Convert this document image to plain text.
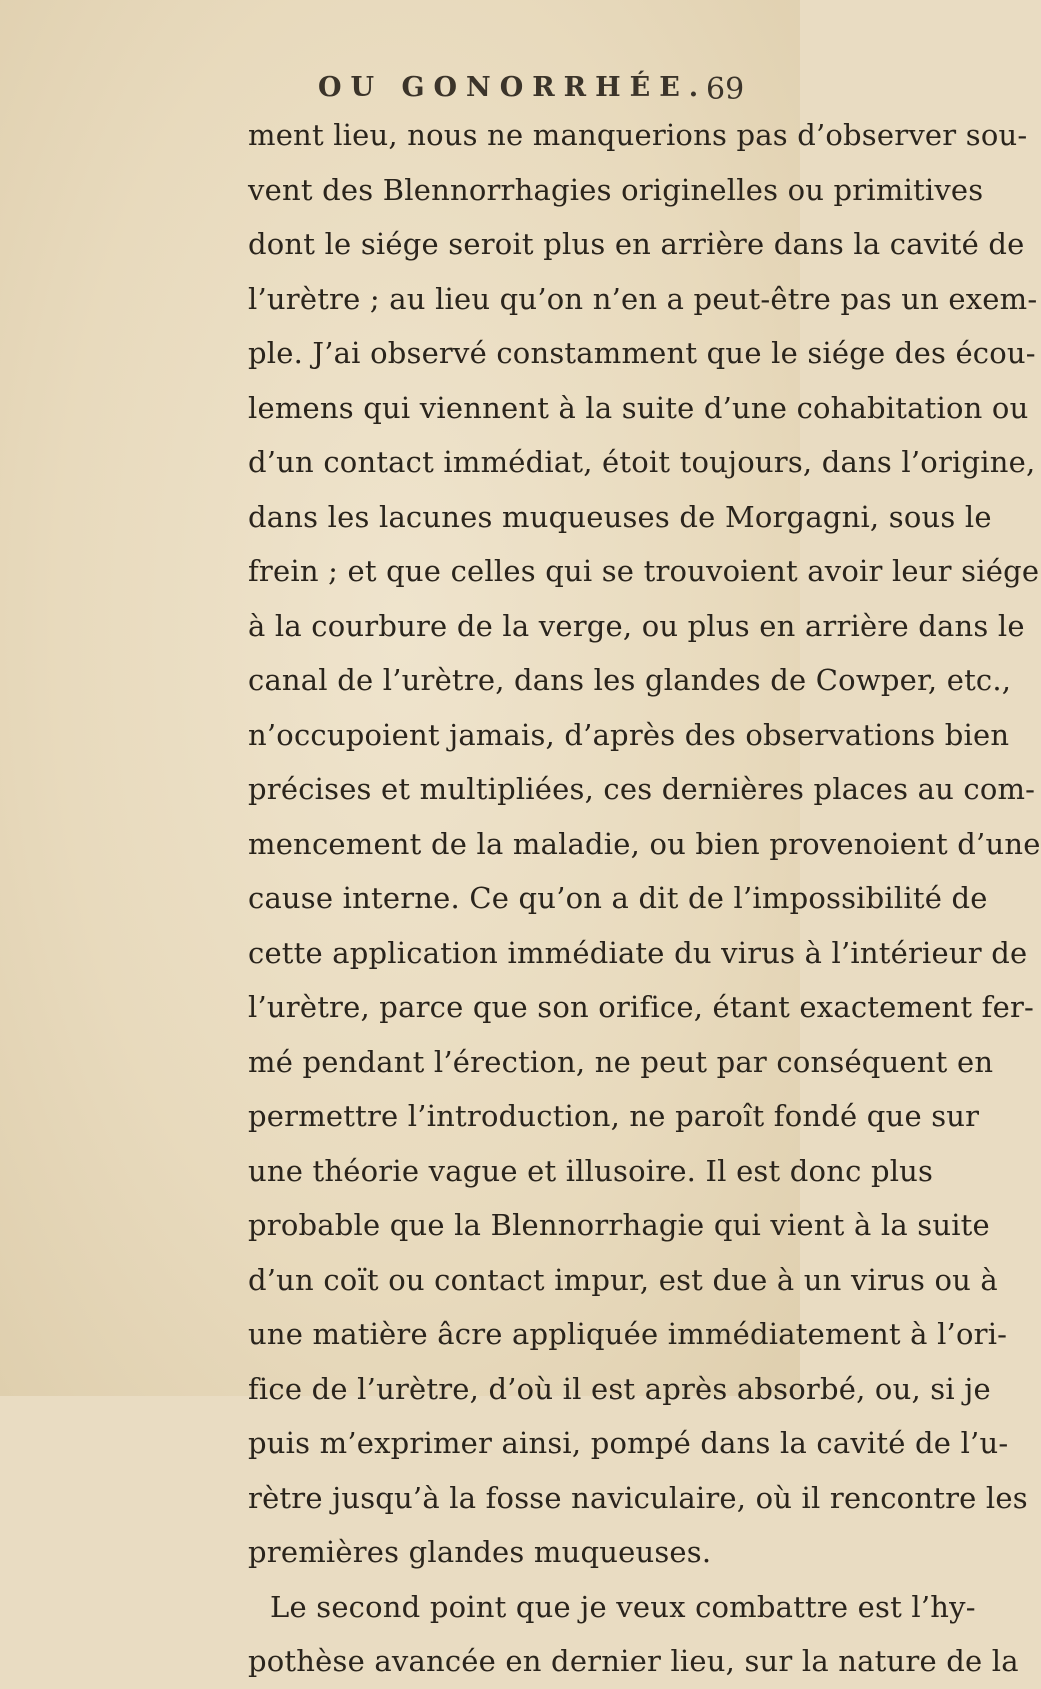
OU GONORRHÉE.
69
ment lieu, nous ne manquerions pas d’observer sou-
vent des Blennorrhagies originelles ou primitives
dont le siége seroit plus en arrière dans la cavité de
l’urètre ; au lieu qu’on n’en a peut-être pas un exem-
ple. J’ai observé constamment que le siége des écou-
lemens qui viennent à la suite d’une cohabitation ou
d’un contact immédiat, étoit toujours, dans l’origine,
dans les lacunes muqueuses de Morgagni, sous le
frein ; et que celles qui se trouvoient avoir leur siége
à la courbure de la verge, ou plus en arrière dans le
canal de l’urètre, dans les glandes de Cowper, etc.,
n’occupoient jamais, d’après des observations bien
précises et multipliées, ces dernières places au com-
mencement de la maladie, ou bien provenoient d’une
cause interne. Ce qu’on a dit de l’impossibilité de
cette application immédiate du virus à l’intérieur de
l’urètre, parce que son orifice, étant exactement fer-
mé pendant l’érection, ne peut par conséquent en
permettre l’introduction, ne paroît fondé que sur
une théorie vague et illusoire. Il est donc plus
probable que la Blennorrhagie qui vient à la suite
d’un coït ou contact impur, est due à un virus ou à
une matière âcre appliquée immédiatement à l’ori-
fice de l’urètre, d’où il est après absorbé, ou, si je
puis m’exprimer ainsi, pompé dans la cavité de l’u-
rètre jusqu’à la fosse naviculaire, où il rencontre les
premières glandes muqueuses.
Le second point que je veux combattre est l’hy-
pothèse avancée en dernier lieu, sur la nature de la
